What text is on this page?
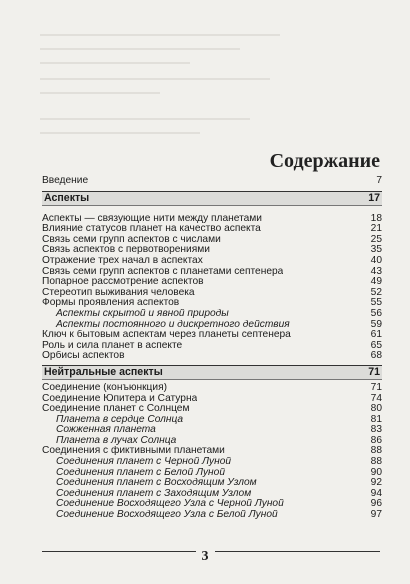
Содержание
Введение	7
Аспекты	17
Аспекты — связующие нити между планетами	18
Влияние статусов планет на качество аспекта	21
Связь семи групп аспектов с числами	25
Связь аспектов с первотворениями	35
Отражение трех начал в аспектах	40
Связь семи групп аспектов с планетами септенера	43
Попарное рассмотрение аспектов	49
Стереотип выживания человека	52
Формы проявления аспектов	55
Аспекты скрытой и явной природы	56
Аспекты постоянного и дискретного действия	59
Ключ к бытовым аспектам через планеты септенера	61
Роль и сила планет в аспекте	65
Орбисы аспектов	68
Нейтральные аспекты	71
Соединение (конъюнкция)	71
Соединение Юпитера и Сатурна	74
Соединение планет с Солнцем	80
Планета в сердце Солнца	81
Сожженная планета	83
Планета в лучах Солнца	86
Соединения с фиктивными планетами	88
Соединения планет с Черной Луной	88
Соединения планет с Белой Луной	90
Соединения планет с Восходящим Узлом	92
Соединения планет с Заходящим Узлом	94
Соединение Восходящего Узла с Черной Луной	96
Соединение Восходящего Узла с Белой Луной	97
3
